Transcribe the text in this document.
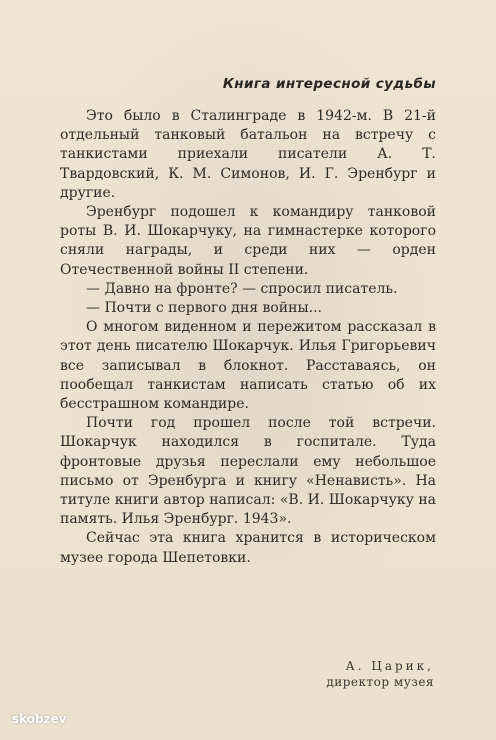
Книга интересной судьбы

Это было в Сталинграде в 1942-м. В 21-й отдельный танковый батальон на встречу с танкистами приехали писатели А. Т. Твардовский, К. М. Симонов, И. Г. Эренбург и другие.

Эренбург подошел к командиру танковой роты В. И. Шокарчуку, на гимнастерке которого сняли награды, и среди них — орден Отечественной войны II степени.

— Давно на фронте? — спросил писатель.

— Почти с первого дня войны...

О многом виденном и пережитом рассказал в этот день писателю Шокарчук. Илья Григорьевич все записывал в блокнот. Расставаясь, он пообещал танкистам написать статью об их бесстрашном командире.

Почти год прошел после той встречи. Шокарчук находился в госпитале. Туда фронтовые друзья переслали ему небольшое письмо от Эренбурга и книгу «Ненависть». На титуле книги автор написал: «В. И. Шокарчуку на память. Илья Эренбург. 1943».

Сейчас эта книга хранится в историческом музее города Шепетовки.

А. Царик,
директор музея
skobzev
